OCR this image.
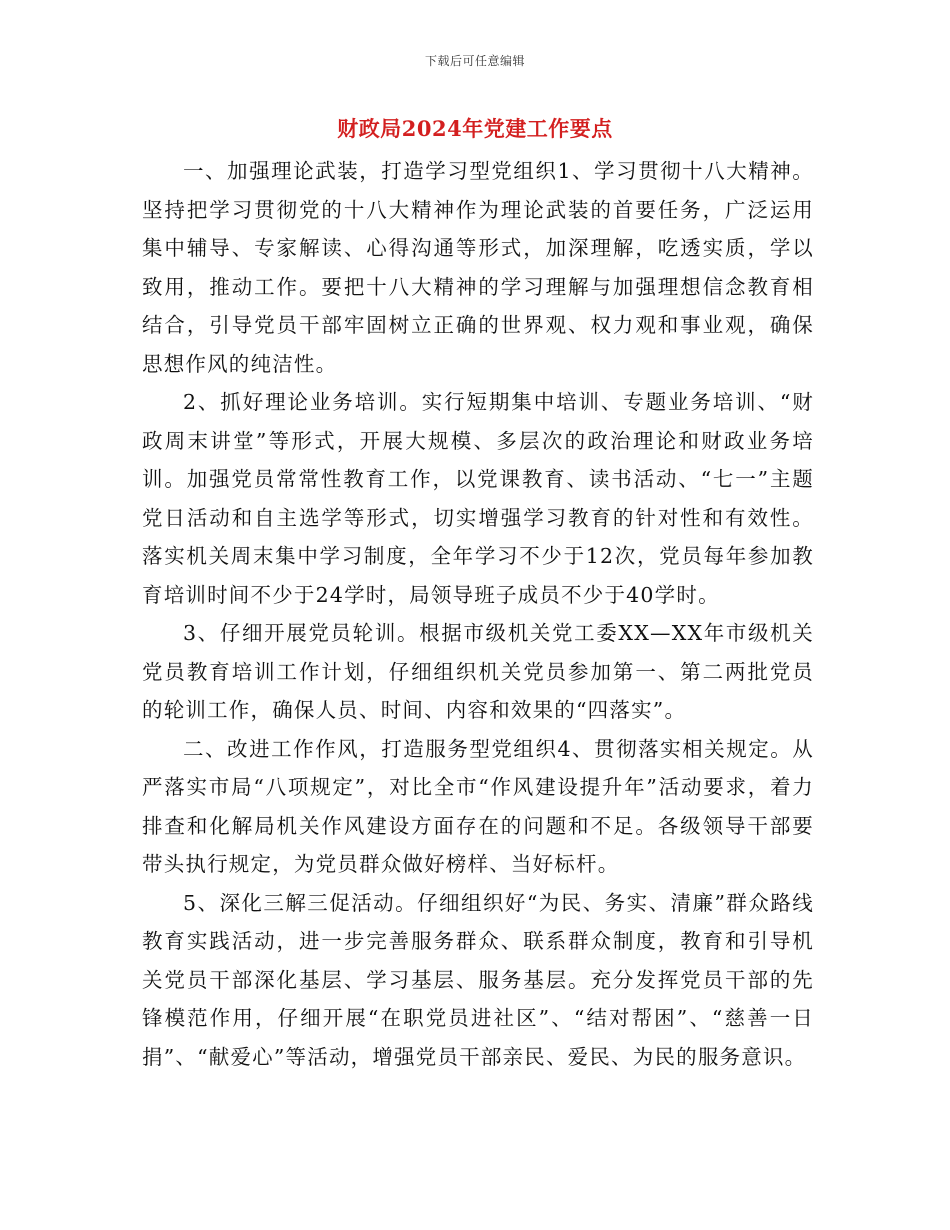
下载后可任意编辑
财政局2024年党建工作要点

一、加强理论武装，打造学习型党组织1、学习贯彻十八大精神。坚持把学习贯彻党的十八大精神作为理论武装的首要任务，广泛运用集中辅导、专家解读、心得沟通等形式，加深理解，吃透实质，学以致用，推动工作。要把十八大精神的学习理解与加强理想信念教育相结合，引导党员干部牢固树立正确的世界观、权力观和事业观，确保思想作风的纯洁性。

2、抓好理论业务培训。实行短期集中培训、专题业务培训、“财政周末讲堂”等形式，开展大规模、多层次的政治理论和财政业务培训。加强党员常常性教育工作，以党课教育、读书活动、“七一”主题党日活动和自主选学等形式，切实增强学习教育的针对性和有效性。落实机关周末集中学习制度，全年学习不少于12次，党员每年参加教育培训时间不少于24学时，局领导班子成员不少于40学时。

3、仔细开展党员轮训。根据市级机关党工委XX—XX年市级机关党员教育培训工作计划，仔细组织机关党员参加第一、第二两批党员的轮训工作，确保人员、时间、内容和效果的“四落实”。

二、改进工作作风，打造服务型党组织4、贯彻落实相关规定。从严落实市局“八项规定”，对比全市“作风建设提升年”活动要求，着力排查和化解局机关作风建设方面存在的问题和不足。各级领导干部要带头执行规定，为党员群众做好榜样、当好标杆。

5、深化三解三促活动。仔细组织好“为民、务实、清廉”群众路线教育实践活动，进一步完善服务群众、联系群众制度，教育和引导机关党员干部深化基层、学习基层、服务基层。充分发挥党员干部的先锋模范作用，仔细开展“在职党员进社区”、“结对帮困”、“慈善一日捐”、“献爱心”等活动，增强党员干部亲民、爱民、为民的服务意识。
